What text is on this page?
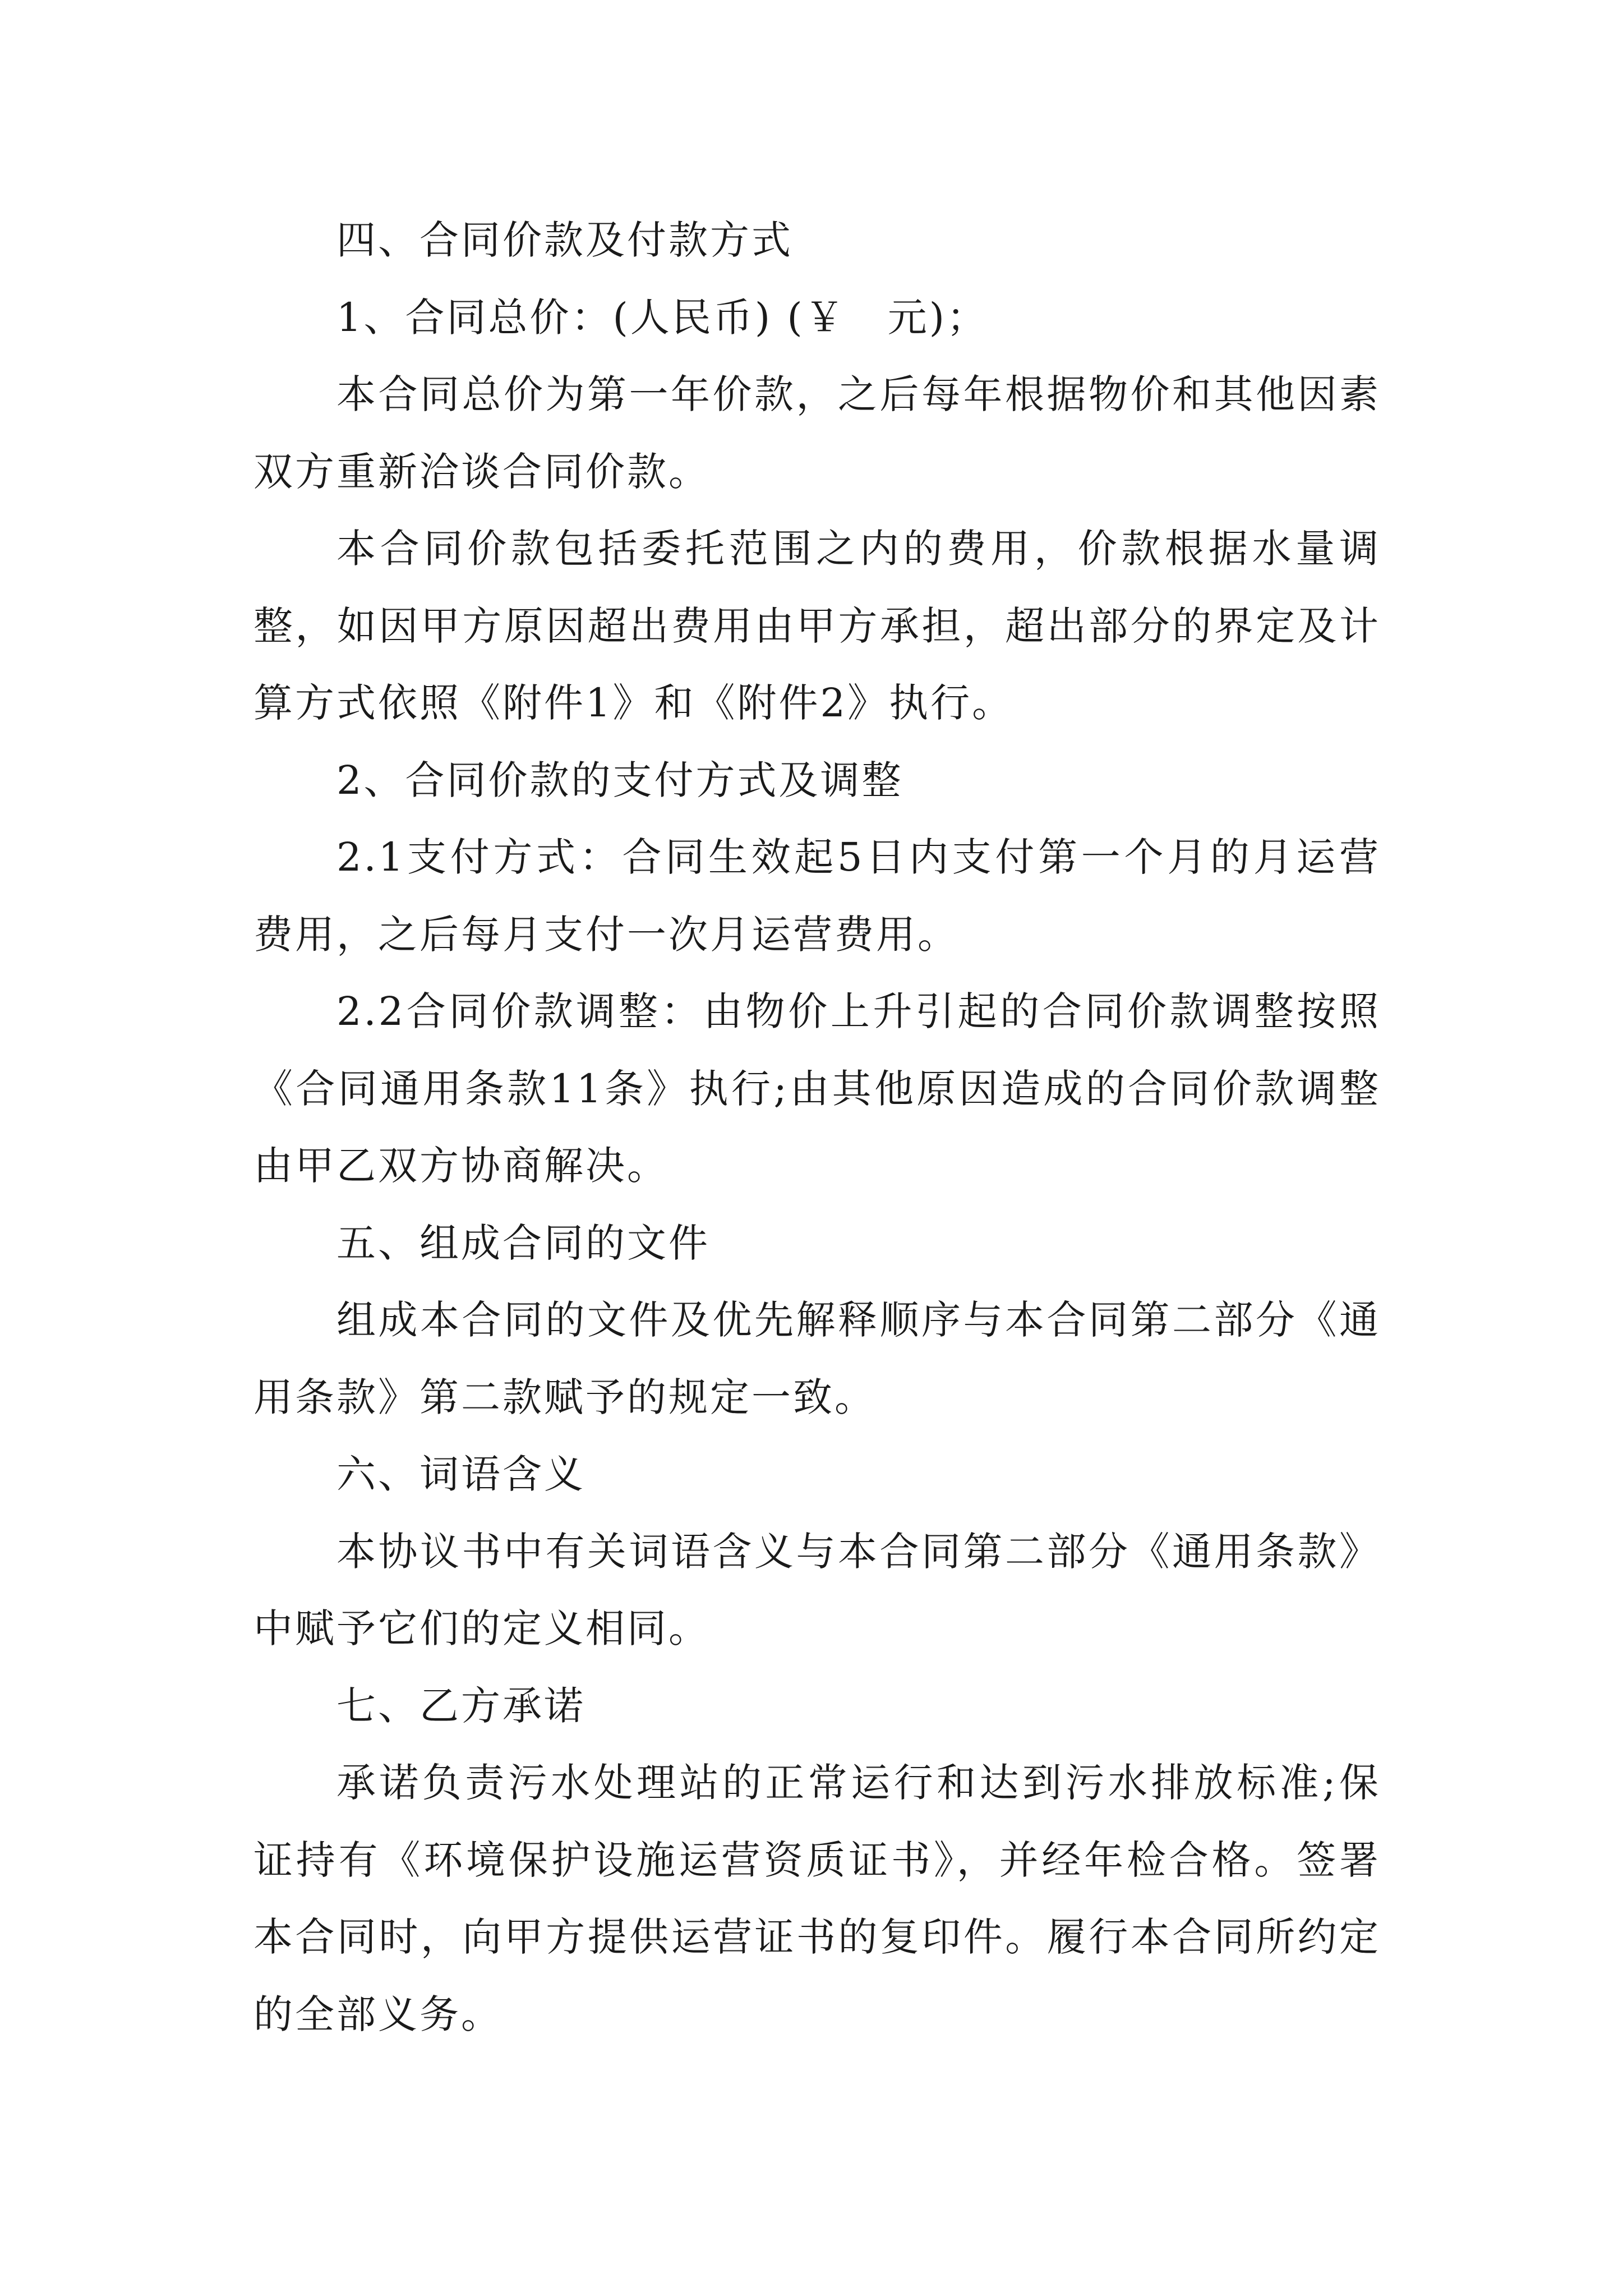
四、合同价款及付款方式

1、合同总价：(人民币) (￥　元)；

本合同总价为第一年价款，之后每年根据物价和其他因素双方重新洽谈合同价款。

本合同价款包括委托范围之内的费用，价款根据水量调整，如因甲方原因超出费用由甲方承担，超出部分的界定及计算方式依照《附件1》和《附件2》执行。

2、合同价款的支付方式及调整

2.1支付方式：合同生效起5日内支付第一个月的月运营费用，之后每月支付一次月运营费用。

2.2合同价款调整：由物价上升引起的合同价款调整按照《合同通用条款11条》执行;由其他原因造成的合同价款调整由甲乙双方协商解决。

五、组成合同的文件

组成本合同的文件及优先解释顺序与本合同第二部分《通用条款》第二款赋予的规定一致。

六、词语含义

本协议书中有关词语含义与本合同第二部分《通用条款》中赋予它们的定义相同。

七、乙方承诺

承诺负责污水处理站的正常运行和达到污水排放标准;保证持有《环境保护设施运营资质证书》，并经年检合格。签署本合同时，向甲方提供运营证书的复印件。履行本合同所约定的全部义务。
